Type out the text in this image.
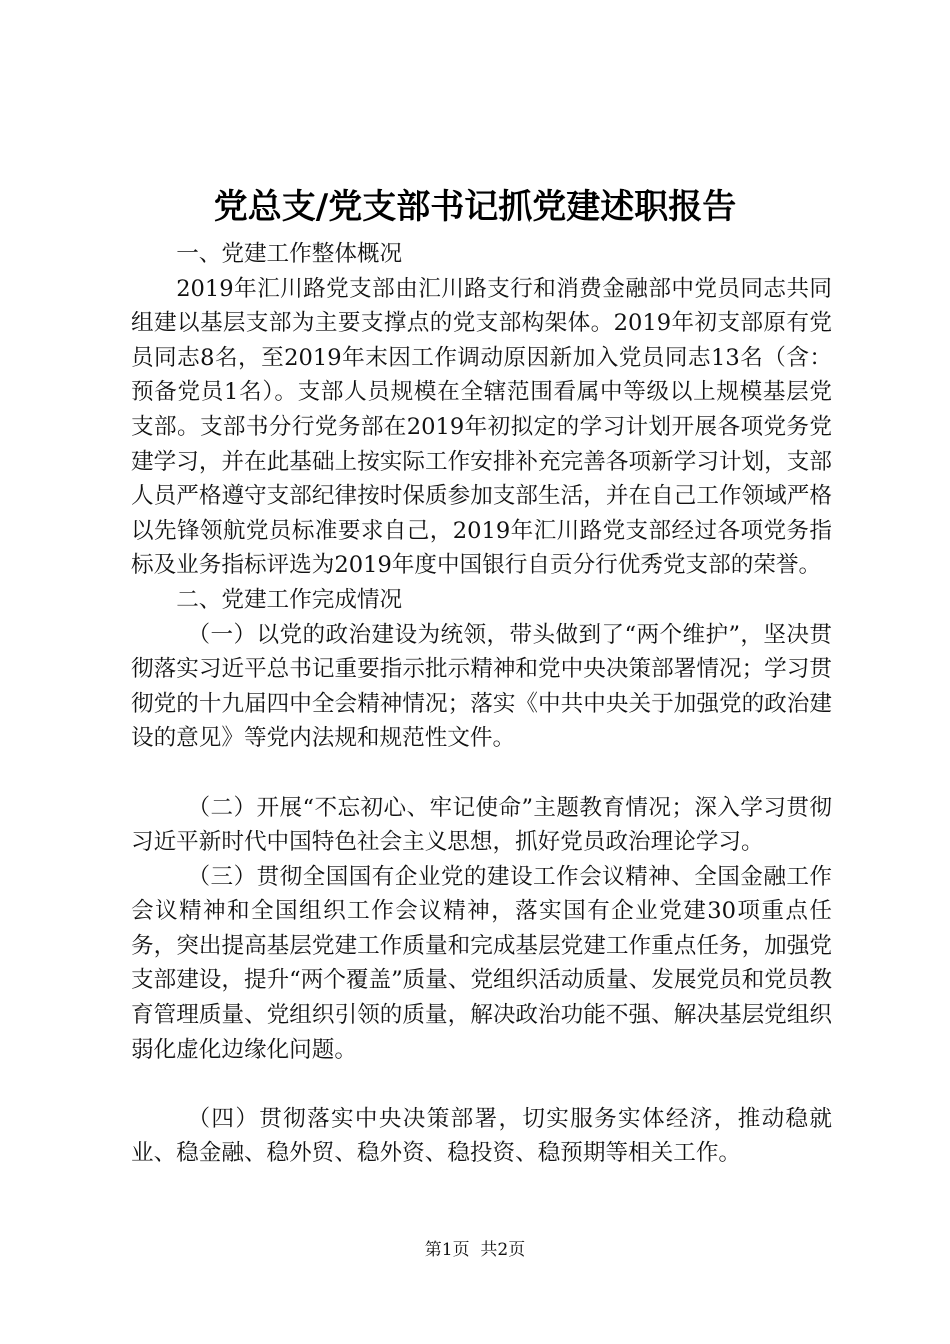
党总支/党支部书记抓党建述职报告

一、党建工作整体概况

2019年汇川路党支部由汇川路支行和消费金融部中党员同志共同组建以基层支部为主要支撑点的党支部构架体。2019年初支部原有党员同志8名，至2019年末因工作调动原因新加入党员同志13名（含：预备党员1名）。支部人员规模在全辖范围看属中等级以上规模基层党支部。支部书分行党务部在2019年初拟定的学习计划开展各项党务党建学习，并在此基础上按实际工作安排补充完善各项新学习计划，支部人员严格遵守支部纪律按时保质参加支部生活，并在自己工作领域严格以先锋领航党员标准要求自己，2019年汇川路党支部经过各项党务指标及业务指标评选为2019年度中国银行自贡分行优秀党支部的荣誉。

二、党建工作完成情况

（一）以党的政治建设为统领，带头做到了“两个维护”，坚决贯彻落实习近平总书记重要指示批示精神和党中央决策部署情况；学习贯彻党的十九届四中全会精神情况；落实《中共中央关于加强党的政治建设的意见》等党内法规和规范性文件。

（二）开展“不忘初心、牢记使命”主题教育情况；深入学习贯彻习近平新时代中国特色社会主义思想，抓好党员政治理论学习。

（三）贯彻全国国有企业党的建设工作会议精神、全国金融工作会议精神和全国组织工作会议精神，落实国有企业党建30项重点任务，突出提高基层党建工作质量和完成基层党建工作重点任务，加强党支部建设，提升“两个覆盖”质量、党组织活动质量、发展党员和党员教育管理质量、党组织引领的质量，解决政治功能不强、解决基层党组织弱化虚化边缘化问题。

（四）贯彻落实中央决策部署，切实服务实体经济，推动稳就业、稳金融、稳外贸、稳外资、稳投资、稳预期等相关工作。

第1页  共2页
